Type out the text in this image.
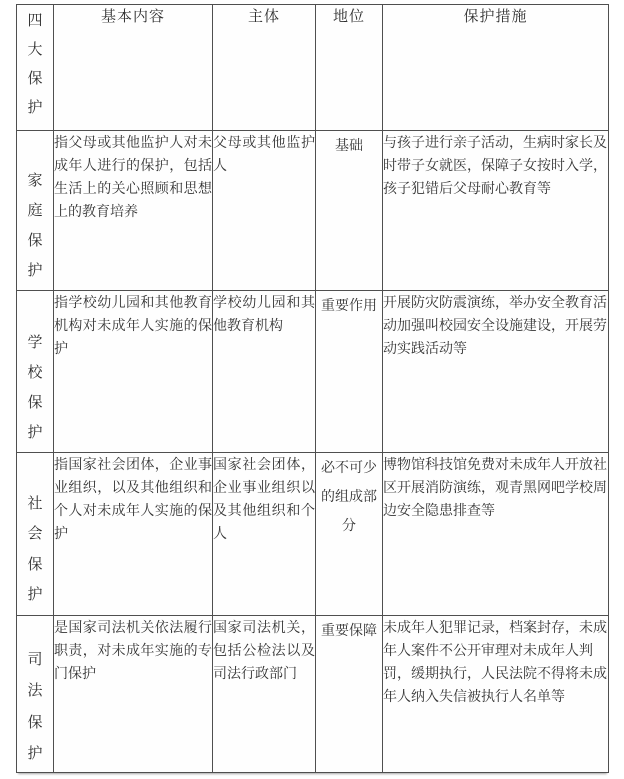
四
大
保
护	基本内容	主体	地位	保护措施

家
庭
保
护	指父母或其他监护人对未成年人进行的保护，包括生活上的关心照顾和思想上的教育培养	父母或其他监护人	基础	与孩子进行亲子活动，生病时家长及时带子女就医，保障子女按时入学，孩子犯错后父母耐心教育等

学
校
保
护	指学校幼儿园和其他教育机构对未成年人实施的保护	学校幼儿园和其他教育机构	重要作用	开展防灾防震演练，举办安全教育活动加强叫校园安全设施建设，开展劳动实践活动等

社
会
保
护	指国家社会团体，企业事业组织，以及其他组织和个人对未成年人实施的保护	国家社会团体，企业事业组织以及其他组织和个人	必不可少的组成部分	博物馆科技馆免费对未成年人开放社区开展消防演练，观青黑网吧学校周边安全隐患排查等

司
法
保
护	是国家司法机关依法履行职责，对未成年实施的专门保护	国家司法机关，包括公检法以及司法行政部门	重要保障	未成年人犯罪记录，档案封存，未成年人案件不公开审理对未成年人判罚，缓期执行，人民法院不得将未成年人纳入失信被执行人名单等
